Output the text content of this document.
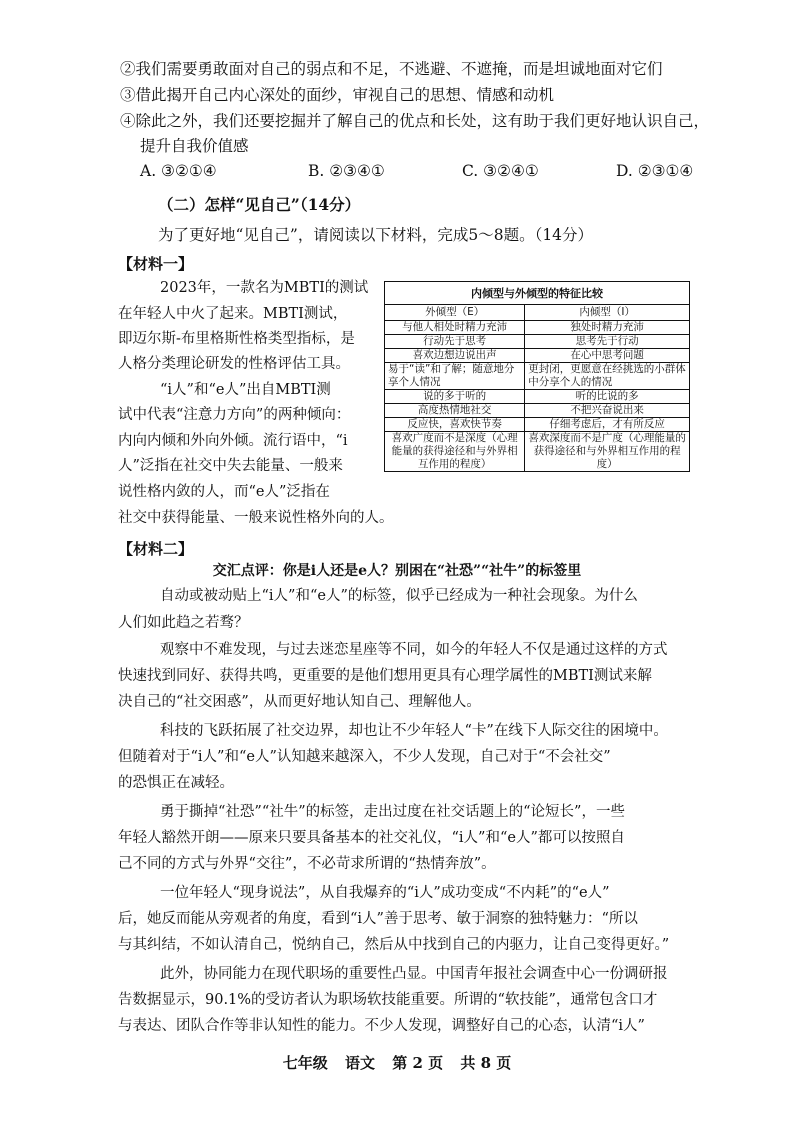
②我们需要勇敢面对自己的弱点和不足，不逃避、不遮掩，而是坦诚地面对它们
③借此揭开自己内心深处的面纱，审视自己的思想、情感和动机
④除此之外，我们还要挖掘并了解自己的优点和长处，这有助于我们更好地认识自己，
提升自我价值感
A. ③②①④	B. ②③④①	C. ③②④①	D. ②③①④
（二）怎样“见自己”（14分）
为了更好地“见自己”，请阅读以下材料，完成5～8题。（14分）
【材料一】
2023年，一款名为MBTI的测试
在年轻人中火了起来。MBTI测试，
即迈尔斯-布里格斯性格类型指标，是
人格分类理论研发的性格评估工具。
“i人”和“e人”出自MBTI测
试中代表“注意力方向”的两种倾向：
内向内倾和外向外倾。流行语中，“i
人”泛指在社交中失去能量、一般来
说性格内敛的人，而“e人”泛指在
社交中获得能量、一般来说性格外向的人。
内倾型与外倾型的特征比较	
外倾型（E）	内倾型（I）
与他人相处时精力充沛	独处时精力充沛
行动先于思考	思考先于行动
喜欢边想边说出声	在心中思考问题
易于“读”和了解；随意地分享个人情况	更封闭，更愿意在经挑选的小群体中分享个人的情况
说的多于听的	听的比说的多
高度热情地社交	不把兴奋说出来
反应快，喜欢快节奏	仔细考虑后，才有所反应
喜欢广度而不是深度（心理能量的获得途径和与外界相互作用的程度）	喜欢深度而不是广度（心理能量的获得途径和与外界相互作用的程度）
【材料二】
交汇点评：你是i人还是e人？别困在“社恐”“社牛”的标签里
自动或被动贴上“i人”和“e人”的标签，似乎已经成为一种社会现象。为什么
人们如此趋之若骛？
观察中不难发现，与过去迷恋星座等不同，如今的年轻人不仅是通过这样的方式
快速找到同好、获得共鸣，更重要的是他们想用更具有心理学属性的MBTI测试来解
决自己的“社交困惑”，从而更好地认知自己、理解他人。
科技的飞跃拓展了社交边界，却也让不少年轻人“卡”在线下人际交往的困境中。
但随着对于“i人”和“e人”认知越来越深入，不少人发现，自己对于“不会社交”
的恐惧正在减轻。
勇于撕掉“社恐”“社牛”的标签，走出过度在社交话题上的“论短长”，一些
年轻人豁然开朗——原来只要具备基本的社交礼仪，“i人”和“e人”都可以按照自
己不同的方式与外界“交往”，不必苛求所谓的“热情奔放”。
一位年轻人“现身说法”，从自我爆弃的“i人”成功变成“不内耗”的“e人”
后，她反而能从旁观者的角度，看到“i人”善于思考、敏于洞察的独特魅力：“所以
与其纠结，不如认清自己，悦纳自己，然后从中找到自己的内驱力，让自己变得更好。”
此外，协同能力在现代职场的重要性凸显。中国青年报社会调查中心一份调研报
告数据显示，90.1%的受访者认为职场软技能重要。所谓的“软技能”，通常包含口才
与表达、团队合作等非认知性的能力。不少人发现，调整好自己的心态，认清“i人”
七年级 语文 第 2 页 共 8 页
